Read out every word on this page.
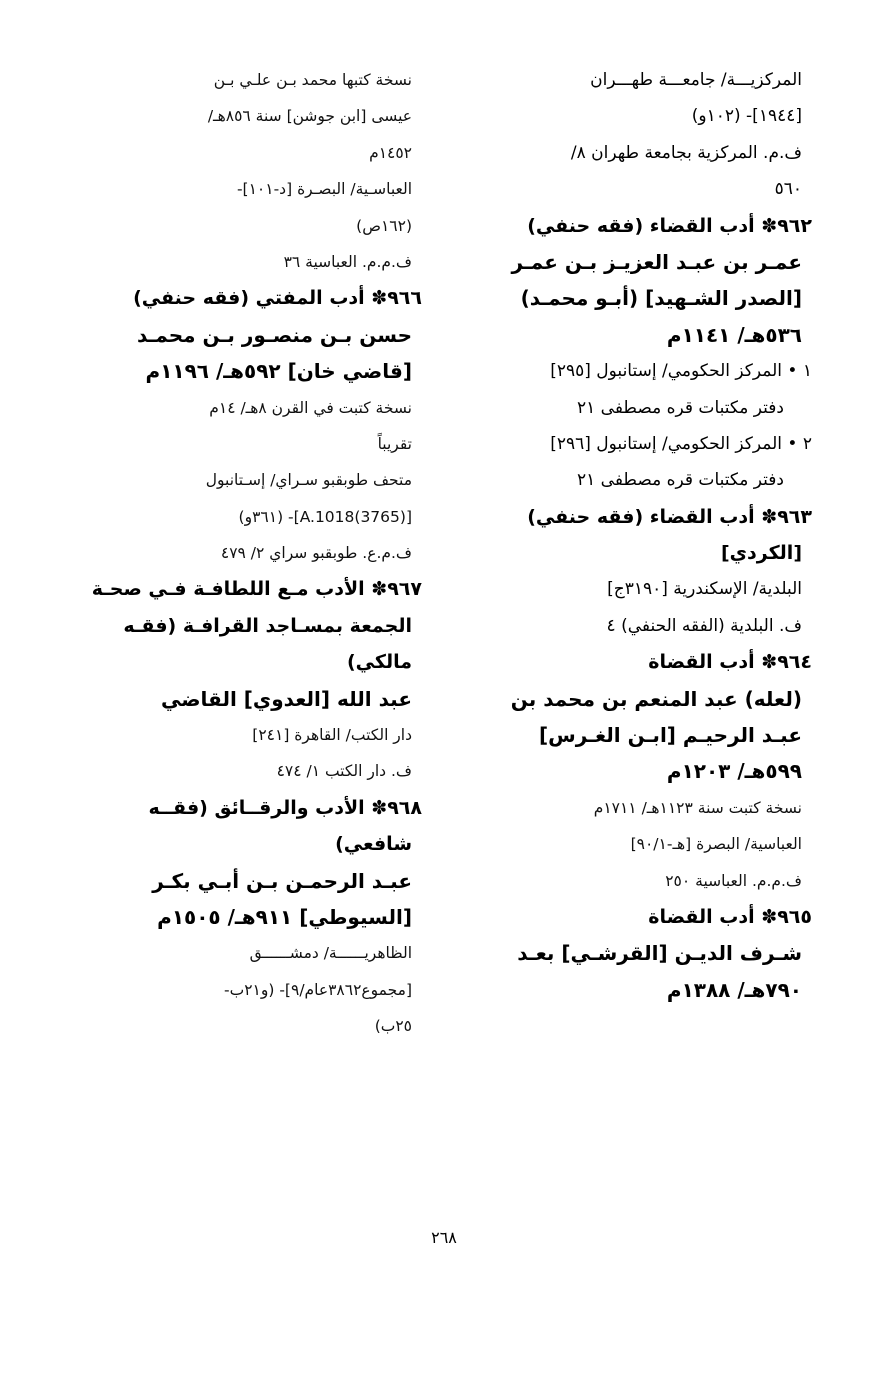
المركزيـــة/ جامعـــة طهـــران
[١٩٤٤]- (١٠٢و)
ف.م. المركزية بجامعة طهران ٨/
٥٦٠
٩٦٢✽ أدب القضاء (فقه حنفي)
عمـر بن عبـد العزيـز بـن عمـر
[الصدر الشـهيد] (أبـو محمـد)
٥٣٦هـ/ ١١٤١م
١ • المركز الحكومي/ إستانبول [٢٩٥]
دفتر مكتبات قره مصطفى ٢١
٢ • المركز الحكومي/ إستانبول [٢٩٦]
دفتر مكتبات قره مصطفى ٢١
٩٦٣✽ أدب القضاء (فقه حنفي)
[الكردي]
البلدية/ الإسكندرية [٣١٩٠ج]
ف. البلدية (الفقه الحنفي) ٤
٩٦٤✽ أدب القضاة
(لعله) عبد المنعم بن محمد بن
عبـد الرحيـم [ابـن الغـرس]
٥٩٩هـ/ ١٢٠٣م
نسخة كتبت سنة ١١٢٣هـ/ ١٧١١م
العباسية/ البصرة [هـ-٩٠/١]
ف.م.م. العباسية ٢٥٠
٩٦٥✽ أدب القضاة
شـرف الديـن [القرشـي] بعـد
٧٩٠هـ/ ١٣٨٨م
نسخة كتبها محمد بـن علـي بـن
عيسى [ابن جوشن] سنة ٨٥٦هـ/
١٤٥٢م
العباسـية/ البصـرة [د-١٠١]-
(١٦٢ص)
ف.م.م. العباسية ٣٦
٩٦٦✽ أدب المفتي (فقه حنفي)
حسن بـن منصـور بـن محمـد
[قاضي خان] ٥٩٢هـ/ ١١٩٦م
نسخة كتبت في القرن ٨هـ/ ١٤م
تقريباً
متحف طوبقبو سـراي/ إسـتانبول
[A.1018(3765)]- (٣٦١و)
ف.م.ع. طوبقبو سراي ٢/ ٤٧٩
٩٦٧✽ الأدب مـع اللطافـة فـي صحـة
الجمعة بمسـاجد القرافـة (فقـه
مالكي)
عبد الله [العدوي] القاضي
دار الكتب/ القاهرة [٢٤١]
ف. دار الكتب ١/ ٤٧٤
٩٦٨✽ الأدب والرقــائق (فقــه
شافعي)
عبـد الرحمـن بـن أبـي بكـر
[السيوطي] ٩١١هـ/ ١٥٠٥م
الظاهريــــــة/ دمشــــــق
[مجموع٣٨٦٢عام/٩]- (و٢١ب-
٢٥ب)
٢٦٨
